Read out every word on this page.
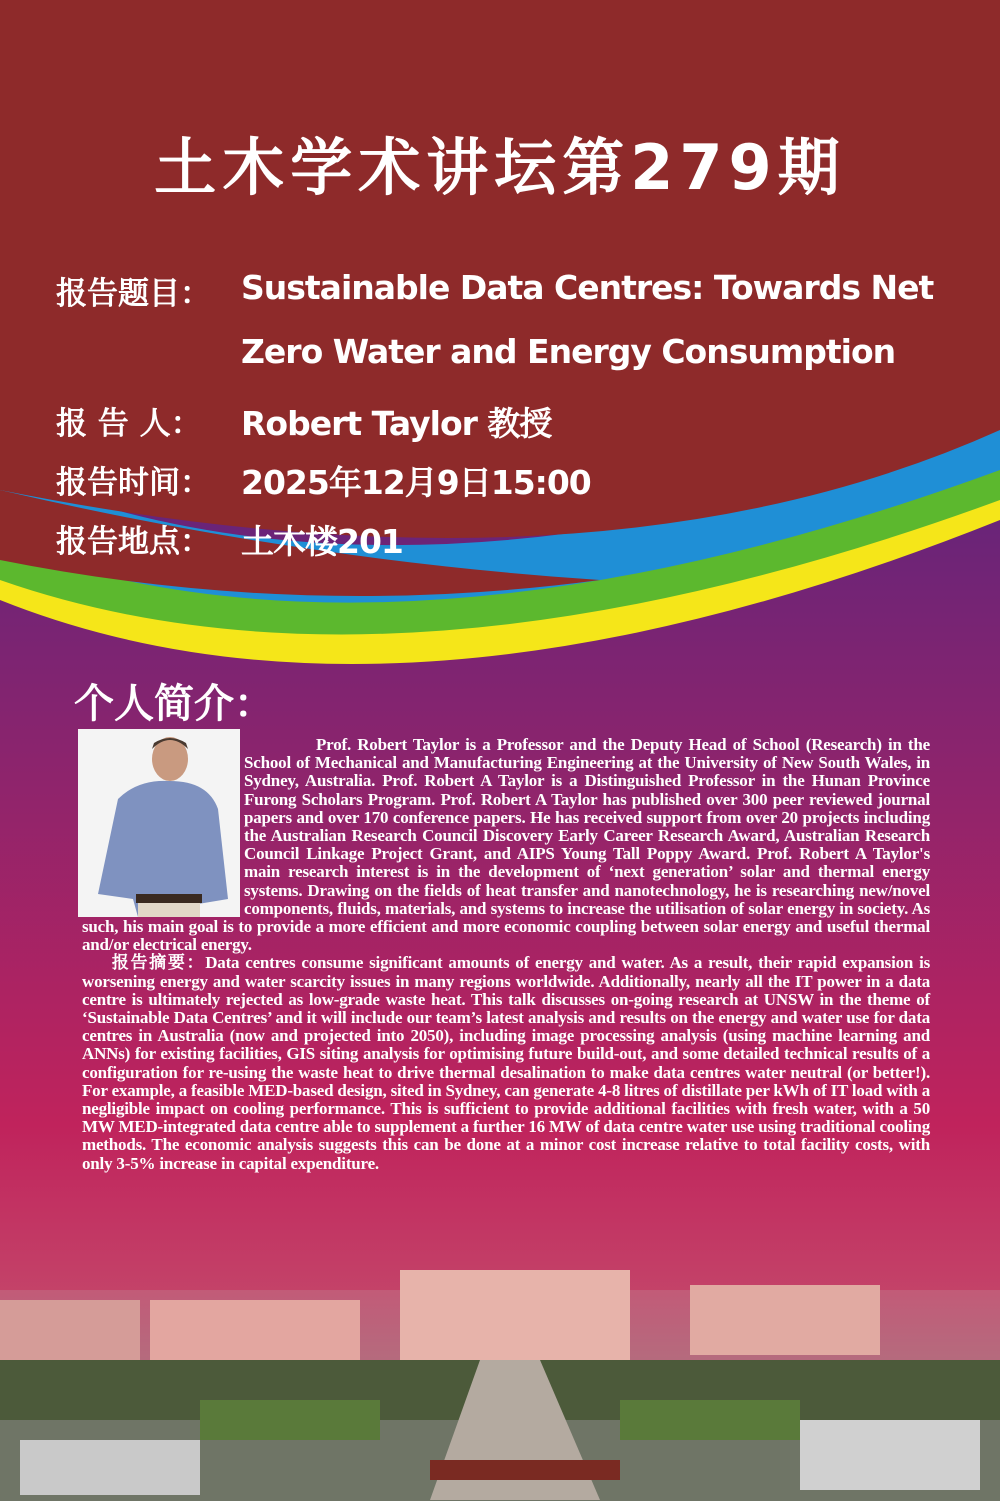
土木学术讲坛第279期
报告题目： Sustainable Data Centres: Towards Net
Zero Water and Energy Consumption
报 告 人：	Robert Taylor 教授
报告时间： 2025年12月9日15:00
报告地点： 土木楼201
个人简介：

Prof. Robert Taylor is a Professor and the Deputy Head of School (Research) in the School of Mechanical and Manufacturing Engineering at the University of New South Wales, in Sydney, Australia. Prof. Robert A Taylor is a Distinguished Professor in the Hunan Province Furong Scholars Program. Prof. Robert A Taylor has published over 300 peer reviewed journal papers and over 170 conference papers. He has received support from over 20 projects including the Australian Research Council Discovery Early Career Research Award, Australian Research Council Linkage Project Grant, and AIPS Young Tall Poppy Award. Prof. Robert A Taylor's main research interest is in the development of ‘next generation’ solar and thermal energy systems. Drawing on the fields of heat transfer and nanotechnology, he is researching new/novel components, fluids, materials, and systems to increase the utilisation of solar energy in society. As such, his main goal is to provide a more efficient and more economic coupling between solar energy and useful thermal and/or electrical energy.

报告摘要：Data centres consume significant amounts of energy and water. As a result, their rapid expansion is worsening energy and water scarcity issues in many regions worldwide. Additionally, nearly all the IT power in a data centre is ultimately rejected as low-grade waste heat. This talk discusses on-going research at UNSW in the theme of ‘Sustainable Data Centres’ and it will include our team’s latest analysis and results on the energy and water use for data centres in Australia (now and projected into 2050), including image processing analysis (using machine learning and ANNs) for existing facilities, GIS siting analysis for optimising future build-out, and some detailed technical results of a configuration for re-using the waste heat to drive thermal desalination to make data centres water neutral (or better!). For example, a feasible MED-based design, sited in Sydney, can generate 4-8 litres of distillate per kWh of IT load with a negligible impact on cooling performance. This is sufficient to provide additional facilities with fresh water, with a 50 MW MED-integrated data centre able to supplement a further 16 MW of data centre water use using traditional cooling methods. The economic analysis suggests this can be done at a minor cost increase relative to total facility costs, with only 3-5% increase in capital expenditure.
